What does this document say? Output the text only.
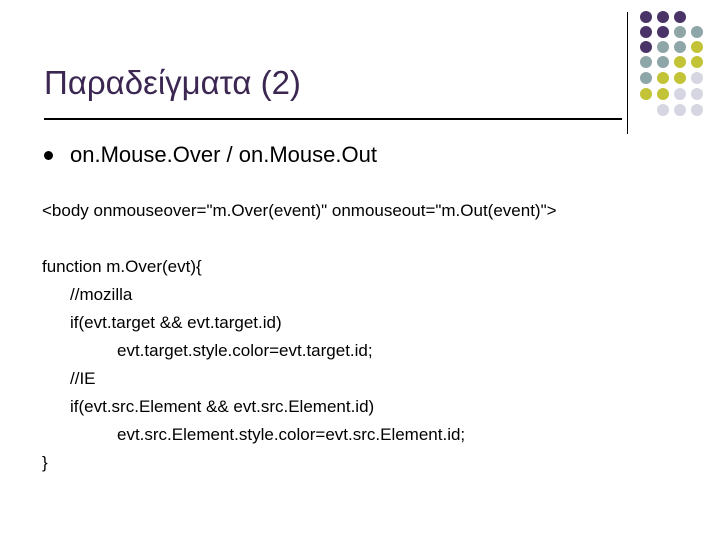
Παραδείγματα (2)
on.Mouse.Over / on.Mouse.Out
<body onmouseover="m.Over(event)" onmouseout="m.Out(event)">
function m.Over(evt){
//mozilla
if(evt.target && evt.target.id)
evt.target.style.color=evt.target.id;
//IE
if(evt.src.Element && evt.src.Element.id)
evt.src.Element.style.color=evt.src.Element.id;
}
